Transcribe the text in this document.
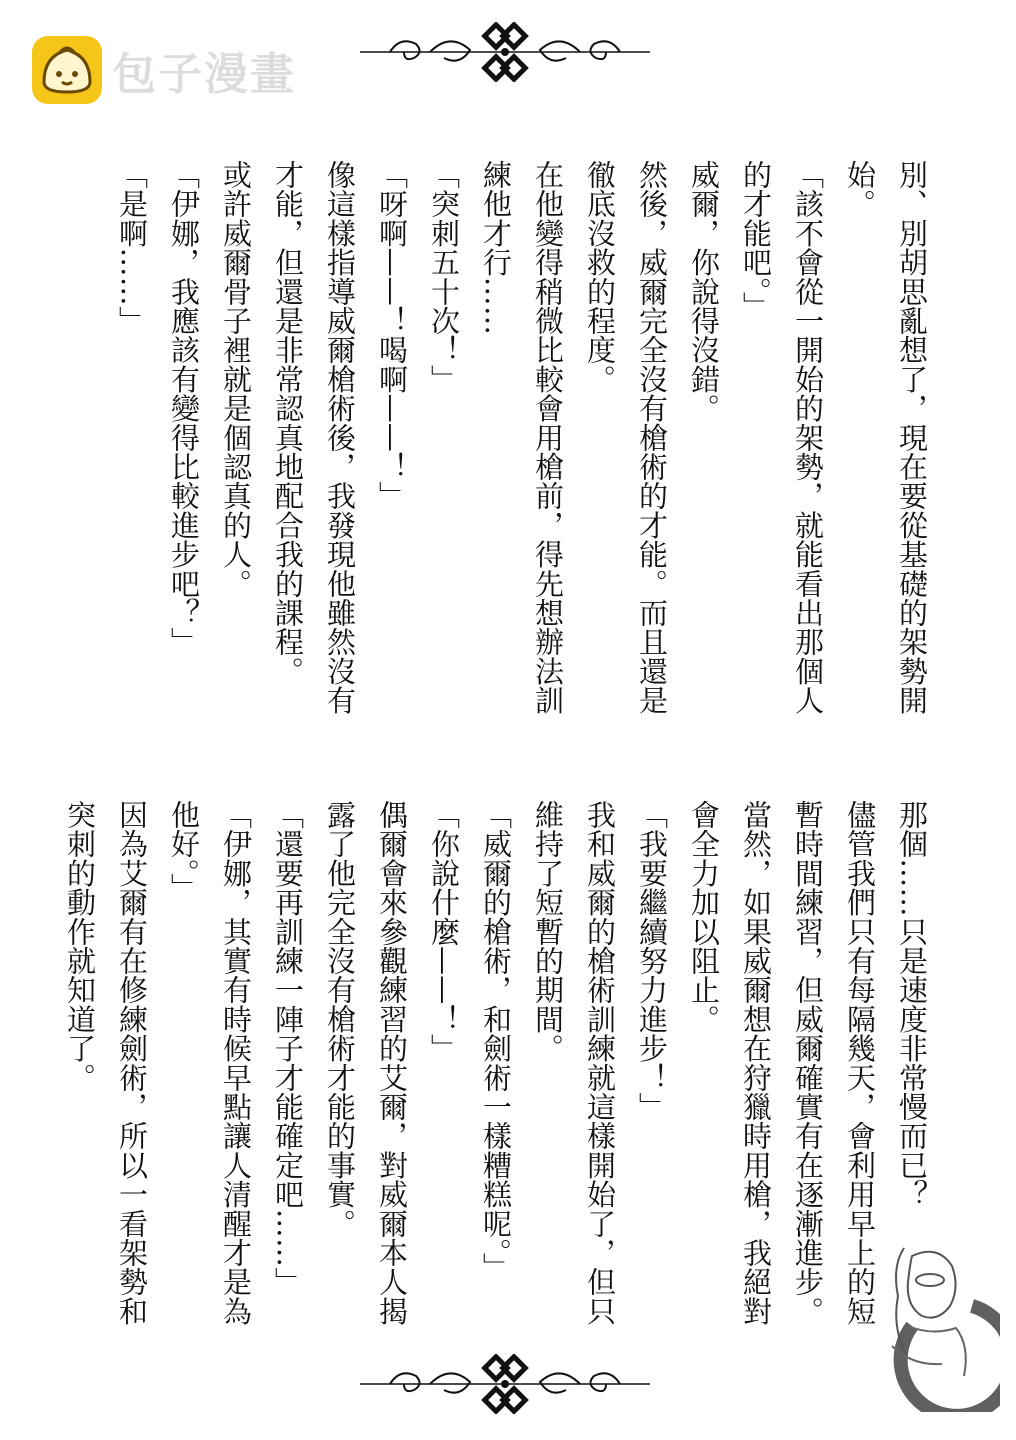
包子漫畫
別、別胡思亂想了，現在要從基礎的架勢開始。
「該不會從一開始的架勢，就能看出那個人的才能吧。」
威爾，你說得沒錯。
然後，威爾完全沒有槍術的才能。而且還是徹底沒救的程度。
在他變得稍微比較會用槍前，得先想辦法訓練他才行……
「突刺五十次！」
「呀啊——！喝啊——！」
像這樣指導威爾槍術後，我發現他雖然沒有才能，但還是非常認真地配合我的課程。
或許威爾骨子裡就是個認真的人。
「伊娜，我應該有變得比較進步吧？」
「是啊……」
那個……只是速度非常慢而已？
儘管我們只有每隔幾天，會利用早上的短暫時間練習，但威爾確實有在逐漸進步。
當然，如果威爾想在狩獵時用槍，我絕對會全力加以阻止。
「我要繼續努力進步！」
我和威爾的槍術訓練就這樣開始了，但只維持了短暫的期間。
「威爾的槍術，和劍術一樣糟糕呢。」
「你說什麼——！」
偶爾會來參觀練習的艾爾，對威爾本人揭露了他完全沒有槍術才能的事實。
「還要再訓練一陣子才能確定吧……」
「伊娜，其實有時候早點讓人清醒才是為他好。」
因為艾爾有在修練劍術，所以一看架勢和突刺的動作就知道了。
